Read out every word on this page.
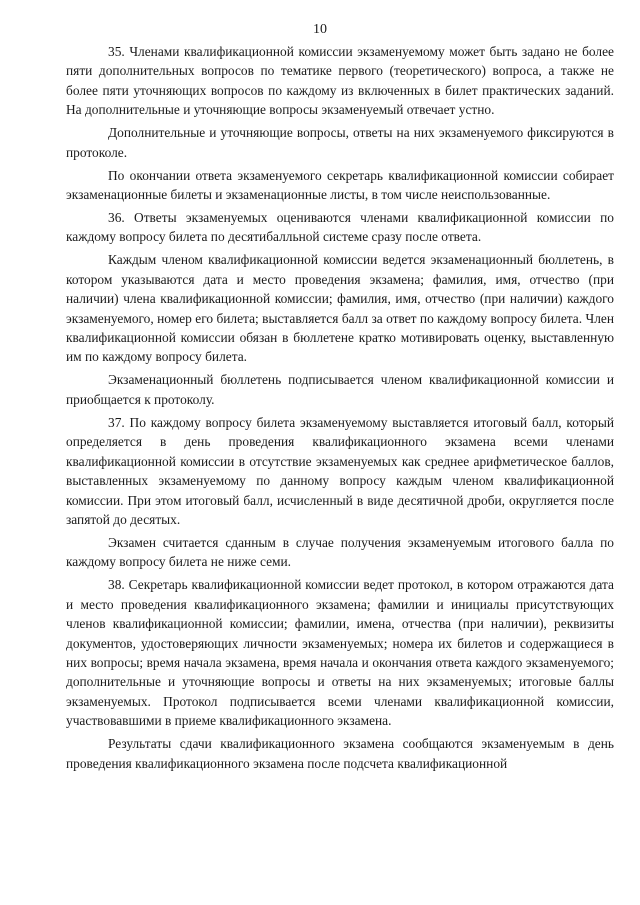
10

35. Членами квалификационной комиссии экзаменуемому может быть задано не более пяти дополнительных вопросов по тематике первого (теоретического) вопроса, а также не более пяти уточняющих вопросов по каждому из включенных в билет практических заданий. На дополнительные и уточняющие вопросы экзаменуемый отвечает устно.

Дополнительные и уточняющие вопросы, ответы на них экзаменуемого фиксируются в протоколе.

По окончании ответа экзаменуемого секретарь квалификационной комиссии собирает экзаменационные билеты и экзаменационные листы, в том числе неиспользованные.

36. Ответы экзаменуемых оцениваются членами квалификационной комиссии по каждому вопросу билета по десятибалльной системе сразу после ответа.

Каждым членом квалификационной комиссии ведется экзаменационный бюллетень, в котором указываются дата и место проведения экзамена; фамилия, имя, отчество (при наличии) члена квалификационной комиссии; фамилия, имя, отчество (при наличии) каждого экзаменуемого, номер его билета; выставляется балл за ответ по каждому вопросу билета. Член квалификационной комиссии обязан в бюллетене кратко мотивировать оценку, выставленную им по каждому вопросу билета.

Экзаменационный бюллетень подписывается членом квалификационной комиссии и приобщается к протоколу.

37. По каждому вопросу билета экзаменуемому выставляется итоговый балл, который определяется в день проведения квалификационного экзамена всеми членами квалификационной комиссии в отсутствие экзаменуемых как среднее арифметическое баллов, выставленных экзаменуемому по данному вопросу каждым членом квалификационной комиссии. При этом итоговый балл, исчисленный в виде десятичной дроби, округляется после запятой до десятых.

Экзамен считается сданным в случае получения экзаменуемым итогового балла по каждому вопросу билета не ниже семи.

38. Секретарь квалификационной комиссии ведет протокол, в котором отражаются дата и место проведения квалификационного экзамена; фамилии и инициалы присутствующих членов квалификационной комиссии; фамилии, имена, отчества (при наличии), реквизиты документов, удостоверяющих личности экзаменуемых; номера их билетов и содержащиеся в них вопросы; время начала экзамена, время начала и окончания ответа каждого экзаменуемого; дополнительные и уточняющие вопросы и ответы на них экзаменуемых; итоговые баллы экзаменуемых. Протокол подписывается всеми членами квалификационной комиссии, участвовавшими в приеме квалификационного экзамена.

Результаты сдачи квалификационного экзамена сообщаются экзаменуемым в день проведения квалификационного экзамена после подсчета квалификационной
